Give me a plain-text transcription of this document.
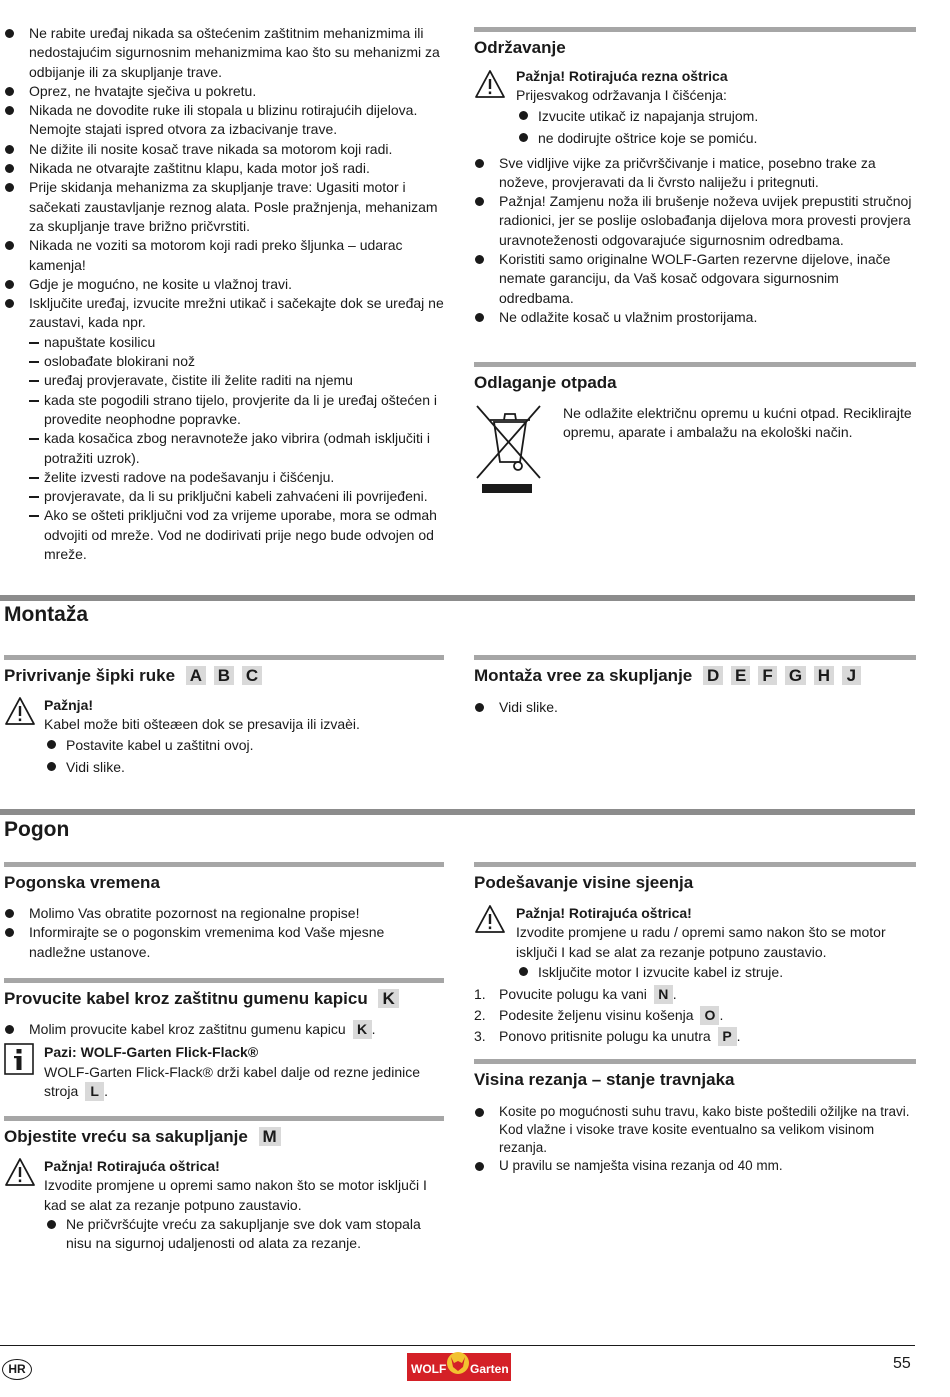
Ne rabite uređaj nikada sa oštećenim zaštitnim mehanizmima ili nedostajućim sigurnosnim mehanizmima kao što su mehanizmi za odbijanje ili za skupljanje trave.

Oprez, ne hvatajte sječiva u pokretu.

Nikada ne dovodite ruke ili stopala u blizinu rotirajućih dijelova. Nemojte stajati ispred otvora za izbacivanje trave.

Ne dižite ili nosite kosač trave nikada sa motorom koji radi.

Nikada ne otvarajte zaštitnu klapu, kada motor još radi.

Prije skidanja mehanizma za skupljanje trave: Ugasiti motor i sačekati zaustavljanje reznog alata. Posle pražnjenja, mehanizam za skupljanje trave brižno pričvrstiti.

Nikada ne voziti sa motorom koji radi preko šljunka – udarac kamenja!

Gdje je mogućno, ne kosite u vlažnoj travi.

Isključite uređaj, izvucite mrežni utikač i sačekajte dok se uređaj ne zaustavi, kada npr.

napuštate kosilicu

oslobađate blokirani nož

uređaj provjeravate, čistite ili želite raditi na njemu

kada ste pogodili strano tijelo, provjerite da li je uređaj oštećen i provedite neophodne popravke.

kada kosačica zbog neravnoteže jako vibrira (odmah isključiti i potražiti uzrok).

želite izvesti radove na podešavanju i čišćenju.

provjeravate, da li su priključni kabeli zahvaćeni ili povrijeđeni.

Ako se ošteti priključni vod za vrijeme uporabe, mora se odmah odvojiti od mreže. Vod ne dodirivati prije nego bude odvojen od mreže.

Održavanje
Pažnja! Rotirajuća rezna oštrica
Prijesvakog održavanja I čišćenja:

Izvucite utikač iz napajanja strujom.

ne dodirujte oštrice koje se pomiću.

Sve vidljive vijke za pričvrščivanje i matice, posebno trake za noževe, provjeravati da li čvrsto naliježu i pritegnuti.

Pažnja! Zamjenu noža ili brušenje noževa uvijek prepustiti stručnoj radionici, jer se poslije oslobađanja dijelova mora provesti provjera uravnoteženosti odgovarajuće sigurnosnim odredbama.

Koristiti samo originalne WOLF-Garten rezervne dijelove, inače nemate garanciju, da Vaš kosač odgovara sigurnosnim odredbama.

Ne odlažite kosač u vlažnim prostorijama.

Odlaganje otpada
Ne odlažite električnu opremu u kućni otpad. Reciklirajte opremu, aparate i ambalažu na ekološki način.
Montaža
Privrivanje šipki ruke A B C
Pažnja!
Kabel može biti ošteæen dok se presavija ili izvaèi.

Postavite kabel u zaštitni ovoj.

Vidi slike.

Montaža vree za skupljanje D E F G H J

Vidi slike.

Pogon
Pogonska vremena

Molimo Vas obratite pozornost na regionalne propise!

Informirajte se o pogonskim vremenima kod Vaše mjesne nadležne ustanove.

Provucite kabel kroz zaštitnu gumenu kapicu K

Molim provucite kabel kroz zaštitnu gumenu kapicu K .

Pazi: WOLF-Garten Flick-Flack®
WOLF-Garten Flick-Flack® drži kabel dalje od rezne jedinice stroja L .
Objestite vreću sa sakupljanje M
Pažnja! Rotirajuća oštrica!
Izvodite promjene u opremi samo nakon što se motor isključi I kad se alat za rezanje potpuno zaustavio.

Ne pričvršćujte vreću za sakupljanje sve dok vam stopala nisu na sigurnoj udaljenosti od alata za rezanje.

Podešavanje visine sjeenja
Pažnja! Rotirajuća oštrica!
Izvodite promjene u radu / opremi samo nakon što se motor isključi I kad se alat za rezanje potpuno zaustavio.

Isključite motor I izvucite kabel iz struje.

1. Povucite polugu ka vani N .

2. Podesite željenu visinu košenja O .

3. Ponovo pritisnite polugu ka unutra P .

Visina rezanja – stanje travnjaka

Kosite po mogućnosti suhu travu, kako biste poštedili ožiljke na travi. Kod vlažne i visoke trave kosite eventualno sa velikom visinom rezanja.

U pravilu se namješta visina rezanja od 40 mm.

HR	WOLF Garten	55
